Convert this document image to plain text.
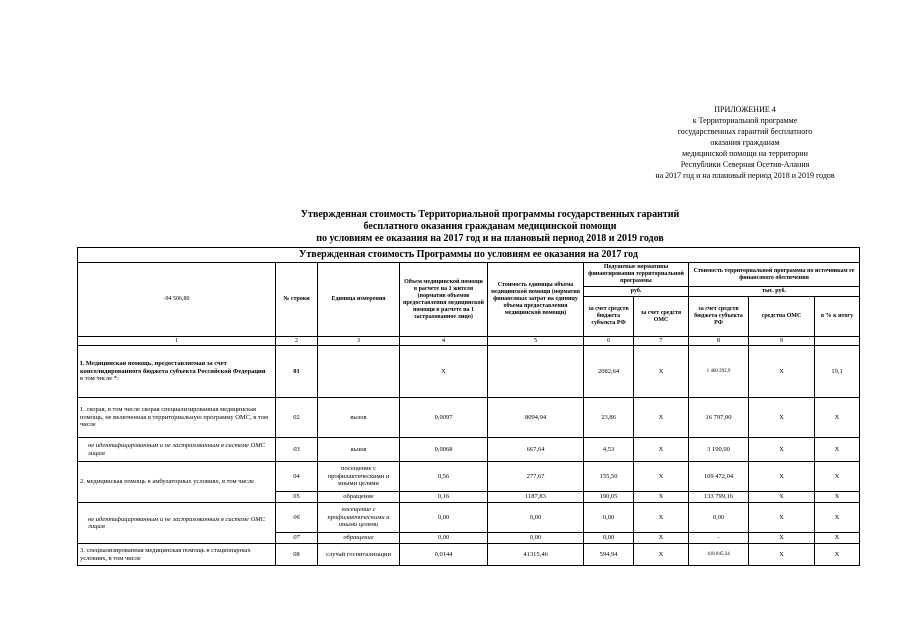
ПРИЛОЖЕНИЕ 4
к Территориальной программе
государственных гарантий бесплатного
оказания гражданам
медицинской помощи на территории
Республики Северная Осетия-Алания
на 2017 год и на плановый период 2018 и 2019 годов
Утвержденная стоимость Территориальной программы государственных гарантий
бесплатного оказания гражданам медицинской помощи
по условиям ее оказания на 2017 год и на плановый период 2018 и 2019 годов
Утвержденная стоимость Программы по условиям ее оказания на 2017 год									
-94 506,80	№ строки	Единица измерения	Объем медицинской помощи в расчете на 1 жителя (норматив объемов предоставления медицинской помощи в расчете на 1 застрахованное лицо)	Стоимость единицы объема медицинской помощи (норматив финансовых затрат на единицу объема предоставления медицинской помощи)	Подушевые нормативы финансирования территориальной программы		Стоимость территориальной программы по источникам ее финансового обеспечения		
					руб.		тыс. руб.		
					за счет средств бюджета субъекта РФ	за счет средств ОМС	за счет средств бюджета субъекта РФ	средства ОМС	в % к итогу
1	2	3	4	5	6	7	8	9	
I. Медицинская помощь, предоставляемая за счет консолидированного бюджета субъекта Российской Федерации
в том числе *:	01		X		2082,64	X	1 460 292,9	X	19,1
1. скорая, в том числе скорая специализированная медицинская помощь, не включенная в территориальную программу ОМС, в том числе	02	вызов	0,0097	8094,94	23,86	X	16 797,00	X	X
не идентифицированным и не застрахованным в системе ОМС лицам	03	вызов	0,0068	667,64	4,53	X	3 190,00	X	X
2. медицинская помощь в амбулаторных условиях, в том числе	04	посещение с профилактическими и иными целями	0,56	277,67	155,50	X	109 472,04	X	X
	05	обращение	0,16	1187,83	190,05	X	133 799,16	X	X
не идентифицированным и не застрахованным в системе ОМС лицам	06	посещение с профилактическими и иными целями	0,00	0,00	0,00	X	0,00	X	X
	07	обращение	0,00	0,00	0,00	X	-	X	X
3. специализированная медицинская помощь в стационарных условиях, в том числе	08	случай госпитализации	0,0144	41315,46	594,94	X	418 845,34	X	X
